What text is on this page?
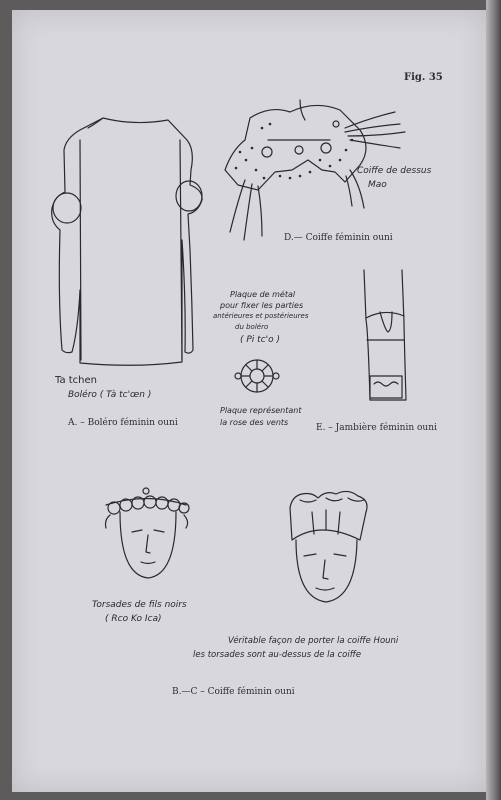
Fig. 35
Coiffe de dessus
Mao
D.— Coiffe féminin ouni
Plaque de métal
pour fixer les parties
antérieures et postérieures
du boléro
( Pi tc'o )
Plaque représentant
la rose des vents
Ta tchen
Boléro ( Tà tc'œn )
A. – Boléro féminin ouni	E. – Jambière féminin ouni
Torsades de fils noirs
( Rco Ko Ica)
Véritable façon de porter la coiffe Houni
les torsades sont au-dessus de la coiffe
B.—C – Coiffe féminin ouni
